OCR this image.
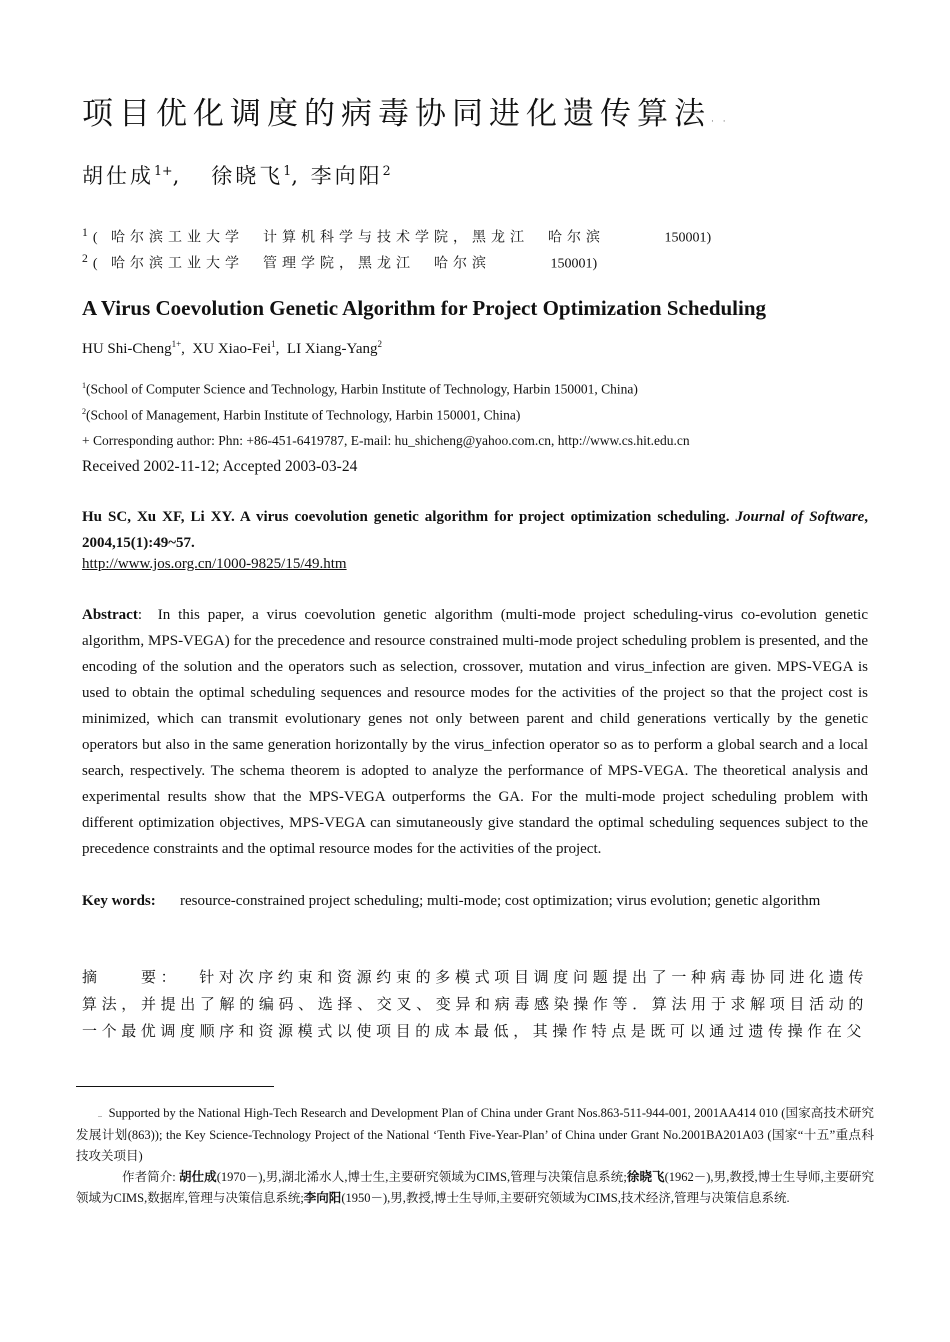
项目优化调度的病毒协同进化遗传算法· ·
胡仕成$^{1+}$,   徐晓飞$^1$, 李向阳$^2$
$^1$( 哈尔滨工业大学　计算机科学与技术学院，黑龙江　哈尔滨	150001)
$^2$( 哈尔滨工业大学　管理学院，黑龙江　哈尔滨	150001)
A Virus Coevolution Genetic Algorithm for Project Optimization Scheduling
HU Shi-Cheng$^{1+}$,  XU Xiao-Fei$^1$,  LI Xiang-Yang$^2$
$^1$(School of Computer Science and Technology, Harbin Institute of Technology, Harbin 150001, China)
$^2$(School of Management, Harbin Institute of Technology, Harbin 150001, China)
+ Corresponding author: Phn: +86-451-6419787, E-mail: hu_shicheng@yahoo.com.cn, http://www.cs.hit.edu.cn
Received 2002-11-12; Accepted 2003-03-24
Hu SC, Xu XF, Li XY. A virus coevolution genetic algorithm for project optimization scheduling. Journal of Software, 2004,15(1):49~57.
http://www.jos.org.cn/1000-9825/15/49.htm
Abstract:  In this paper, a virus coevolution genetic algorithm (multi-mode project scheduling-virus co-evolution genetic algorithm, MPS-VEGA) for the precedence and resource constrained multi-mode project scheduling problem is presented, and the encoding of the solution and the operators such as selection, crossover, mutation and virus_infection are given. MPS-VEGA is used to obtain the optimal scheduling sequences and resource modes for the activities of the project so that the project cost is minimized, which can transmit evolutionary genes not only between parent and child generations vertically by the genetic operators but also in the same generation horizontally by the virus_infection operator so as to perform a global search and a local search, respectively. The schema theorem is adopted to analyze the performance of MPS-VEGA. The theoretical analysis and experimental results show that the MPS-VEGA outperforms the GA. For the multi-mode project scheduling problem with different optimization objectives, MPS-VEGA can simutaneously give standard the optimal scheduling sequences subject to the precedence constraints and the optimal resource modes for the activities of the project.
Key words: resource-constrained project scheduling; multi-mode; cost optimization; virus evolution; genetic algorithm
摘　　要： 针对次序约束和资源约束的多模式项目调度问题提出了一种病毒协同进化遗传算法，并提出了解的编码、选择、交叉、变异和病毒感染操作等．算法用于求解项目活动的一个最优调度顺序和资源模式以使项目的成本最低，其操作特点是既可以通过遗传操作在父
.. Supported by the National High-Tech Research and Development Plan of China under Grant Nos.863-511-944-001, 2001AA414 010 (国家高技术研究发展计划(863)); the Key Science-Technology Project of the National ‘Tenth Five-Year-Plan’ of China under Grant No.2001BA201A03 (国家“十五”重点科技攻关项目)
作者简介: 胡仕成(1970－),男,湖北浠水人,博士生,主要研究领域为CIMS,管理与决策信息系统;徐晓飞(1962－),男,教授,博士生导师,主要研究领域为CIMS,数据库,管理与决策信息系统;李向阳(1950－),男,教授,博士生导师,主要研究领域为CIMS,技术经济,管理与决策信息系统.
